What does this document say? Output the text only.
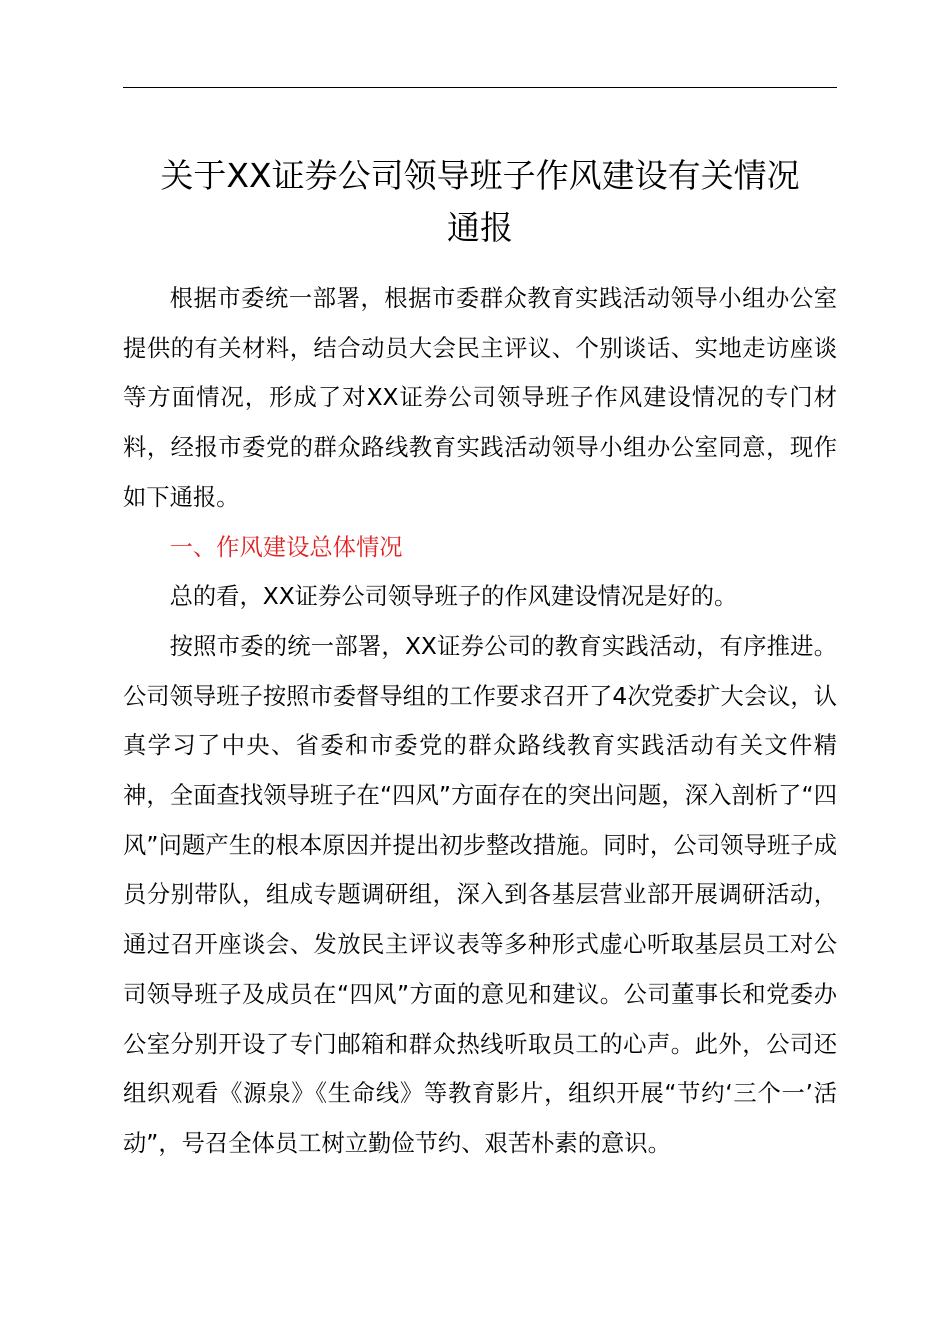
关于XX证券公司领导班子作风建设有关情况
通报

根据市委统一部署，根据市委群众教育实践活动领导小组办公室提供的有关材料，结合动员大会民主评议、个别谈话、实地走访座谈等方面情况，形成了对XX证券公司领导班子作风建设情况的专门材料，经报市委党的群众路线教育实践活动领导小组办公室同意，现作如下通报。

一、作风建设总体情况

总的看，XX证券公司领导班子的作风建设情况是好的。

按照市委的统一部署，XX证券公司的教育实践活动，有序推进。公司领导班子按照市委督导组的工作要求召开了4次党委扩大会议，认真学习了中央、省委和市委党的群众路线教育实践活动有关文件精神，全面查找领导班子在“四风”方面存在的突出问题，深入剖析了“四风”问题产生的根本原因并提出初步整改措施。同时，公司领导班子成员分别带队，组成专题调研组，深入到各基层营业部开展调研活动，通过召开座谈会、发放民主评议表等多种形式虚心听取基层员工对公司领导班子及成员在“四风”方面的意见和建议。公司董事长和党委办公室分别开设了专门邮箱和群众热线听取员工的心声。此外，公司还组织观看《源泉》《生命线》等教育影片，组织开展“节约‘三个一’活动”，号召全体员工树立勤俭节约、艰苦朴素的意识。
